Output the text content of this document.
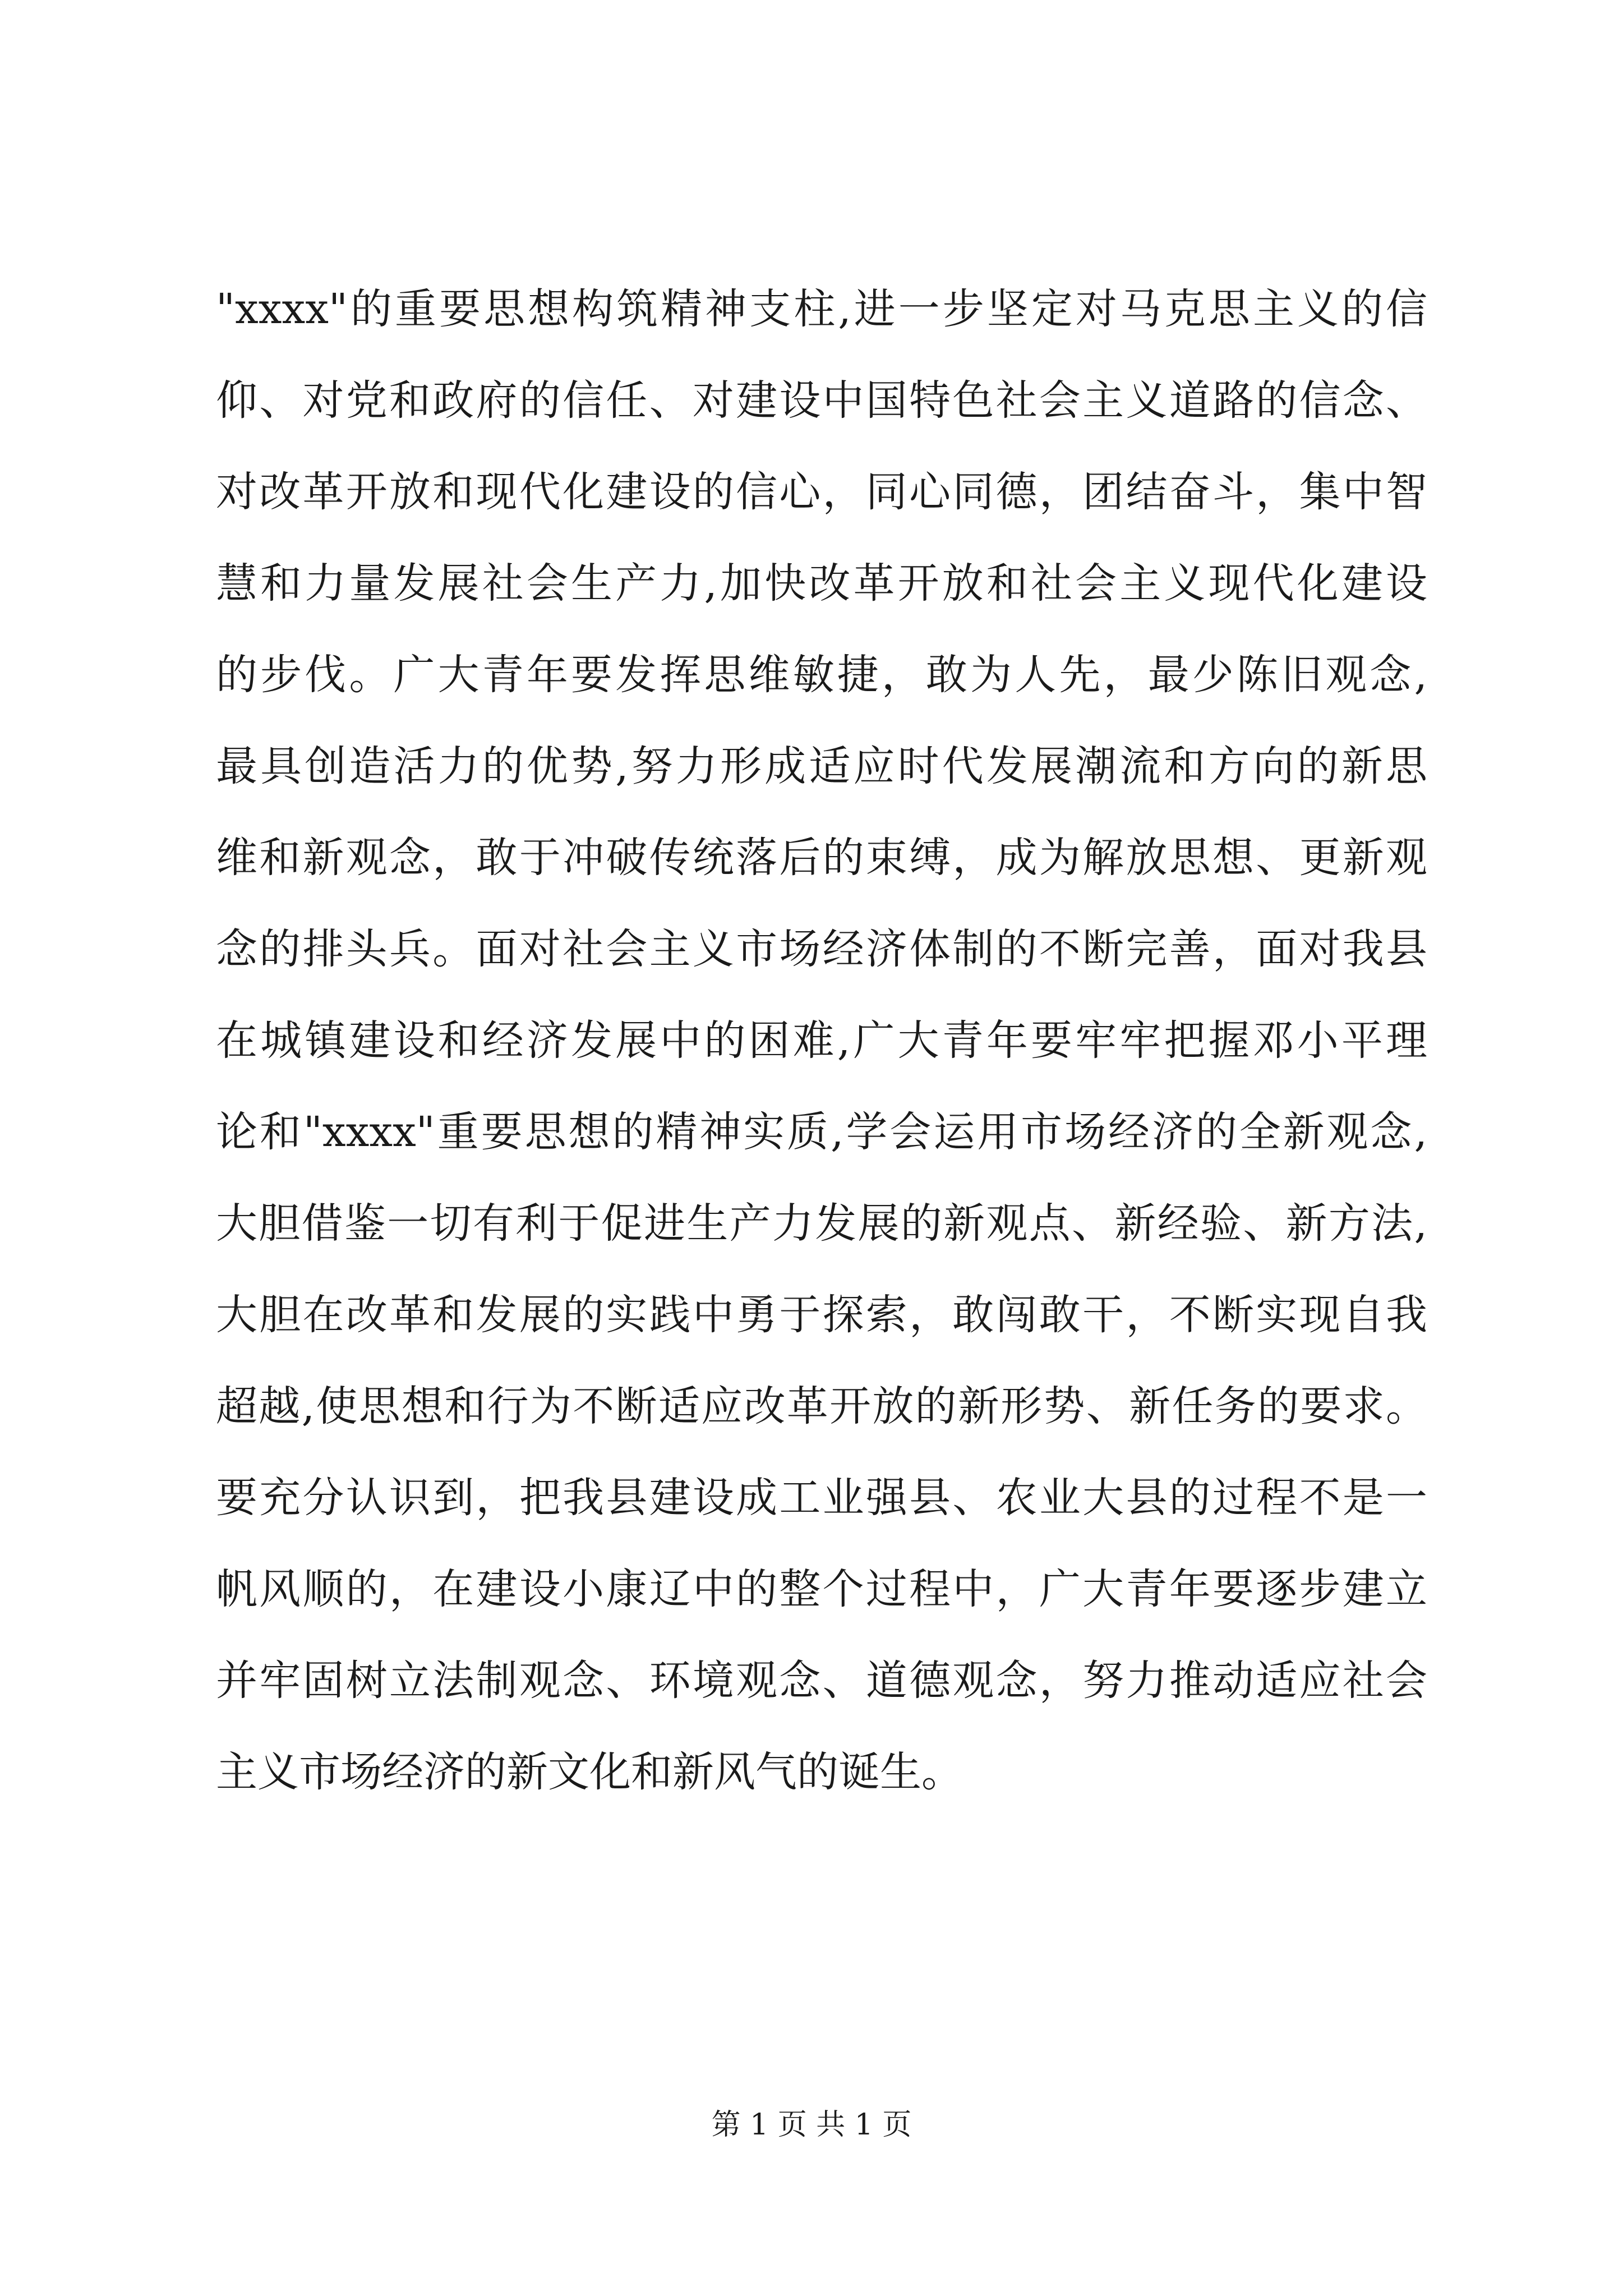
"xxxx"的重要思想构筑精神支柱,进一步坚定对马克思主义的信
仰、对党和政府的信任、对建设中国特色社会主义道路的信念、
对改革开放和现代化建设的信心，同心同德，团结奋斗，集中智
慧和力量发展社会生产力,加快改革开放和社会主义现代化建设
的步伐。广大青年要发挥思维敏捷，敢为人先，最少陈旧观念,
最具创造活力的优势,努力形成适应时代发展潮流和方向的新思
维和新观念，敢于冲破传统落后的束缚，成为解放思想、更新观
念的排头兵。面对社会主义市场经济体制的不断完善，面对我县
在城镇建设和经济发展中的困难,广大青年要牢牢把握邓小平理
论和"xxxx"重要思想的精神实质,学会运用市场经济的全新观念,
大胆借鉴一切有利于促进生产力发展的新观点、新经验、新方法,
大胆在改革和发展的实践中勇于探索，敢闯敢干，不断实现自我
超越,使思想和行为不断适应改革开放的新形势、新任务的要求。
要充分认识到，把我县建设成工业强县、农业大县的过程不是一
帆风顺的，在建设小康辽中的整个过程中，广大青年要逐步建立
并牢固树立法制观念、环境观念、道德观念，努力推动适应社会
主义市场经济的新文化和新风气的诞生。
第 1 页 共 1 页
